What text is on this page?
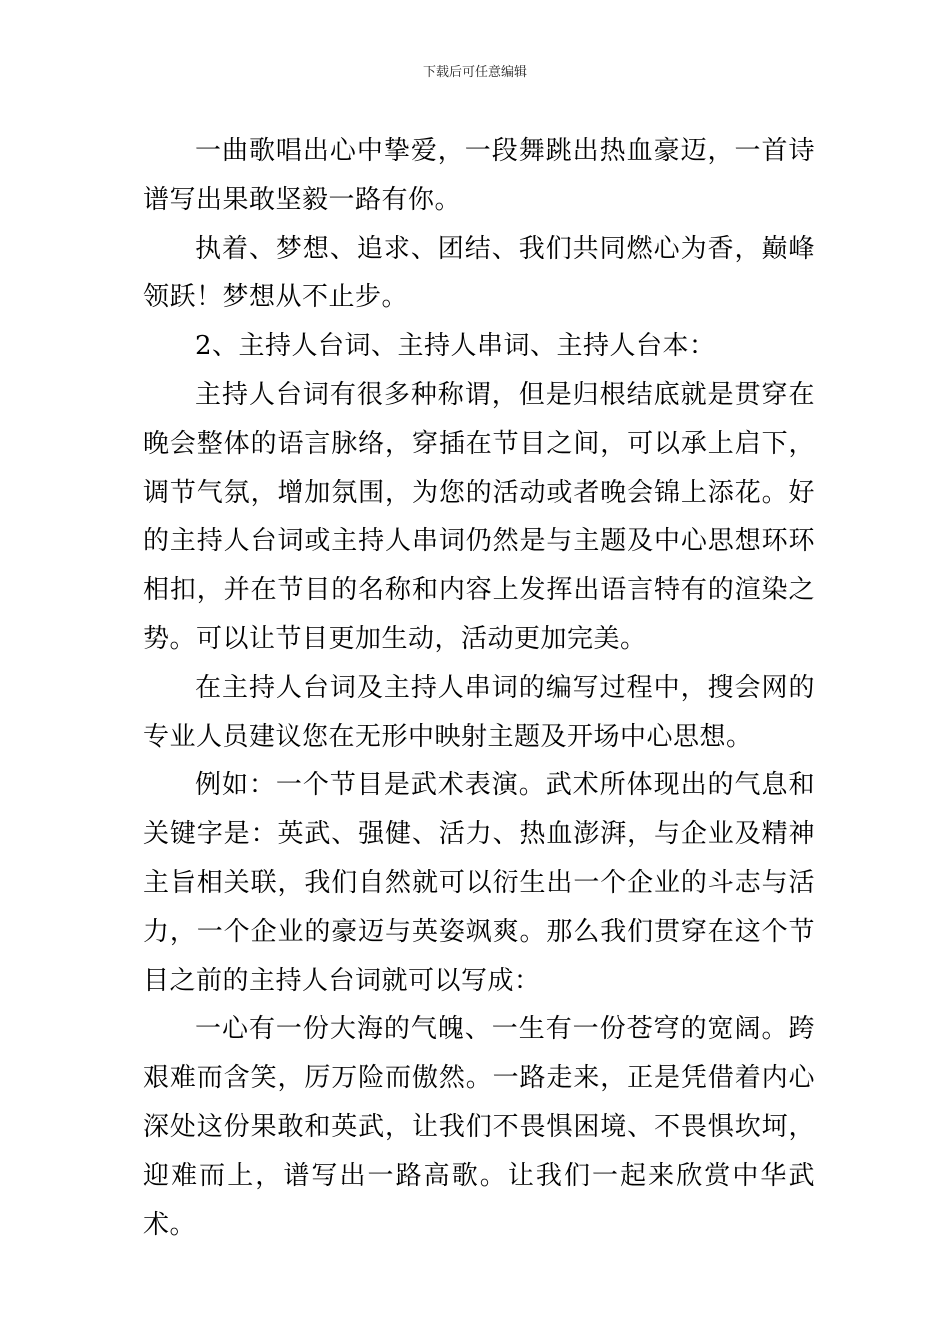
下载后可任意编辑

一曲歌唱出心中挚爱，一段舞跳出热血豪迈，一首诗谱写出果敢坚毅一路有你。

执着、梦想、追求、团结、我们共同燃心为香，巅峰领跃！梦想从不止步。

2、主持人台词、主持人串词、主持人台本：

主持人台词有很多种称谓，但是归根结底就是贯穿在晚会整体的语言脉络，穿插在节目之间，可以承上启下，调节气氛，增加氛围，为您的活动或者晚会锦上添花。好的主持人台词或主持人串词仍然是与主题及中心思想环环相扣，并在节目的名称和内容上发挥出语言特有的渲染之势。可以让节目更加生动，活动更加完美。

在主持人台词及主持人串词的编写过程中，搜会网的专业人员建议您在无形中映射主题及开场中心思想。

例如：一个节目是武术表演。武术所体现出的气息和关键字是：英武、强健、活力、热血澎湃，与企业及精神主旨相关联，我们自然就可以衍生出一个企业的斗志与活力，一个企业的豪迈与英姿飒爽。那么我们贯穿在这个节目之前的主持人台词就可以写成：

一心有一份大海的气魄、一生有一份苍穹的宽阔。跨艰难而含笑，厉万险而傲然。一路走来，正是凭借着内心深处这份果敢和英武，让我们不畏惧困境、不畏惧坎坷，迎难而上，谱写出一路高歌。让我们一起来欣赏中华武术。
